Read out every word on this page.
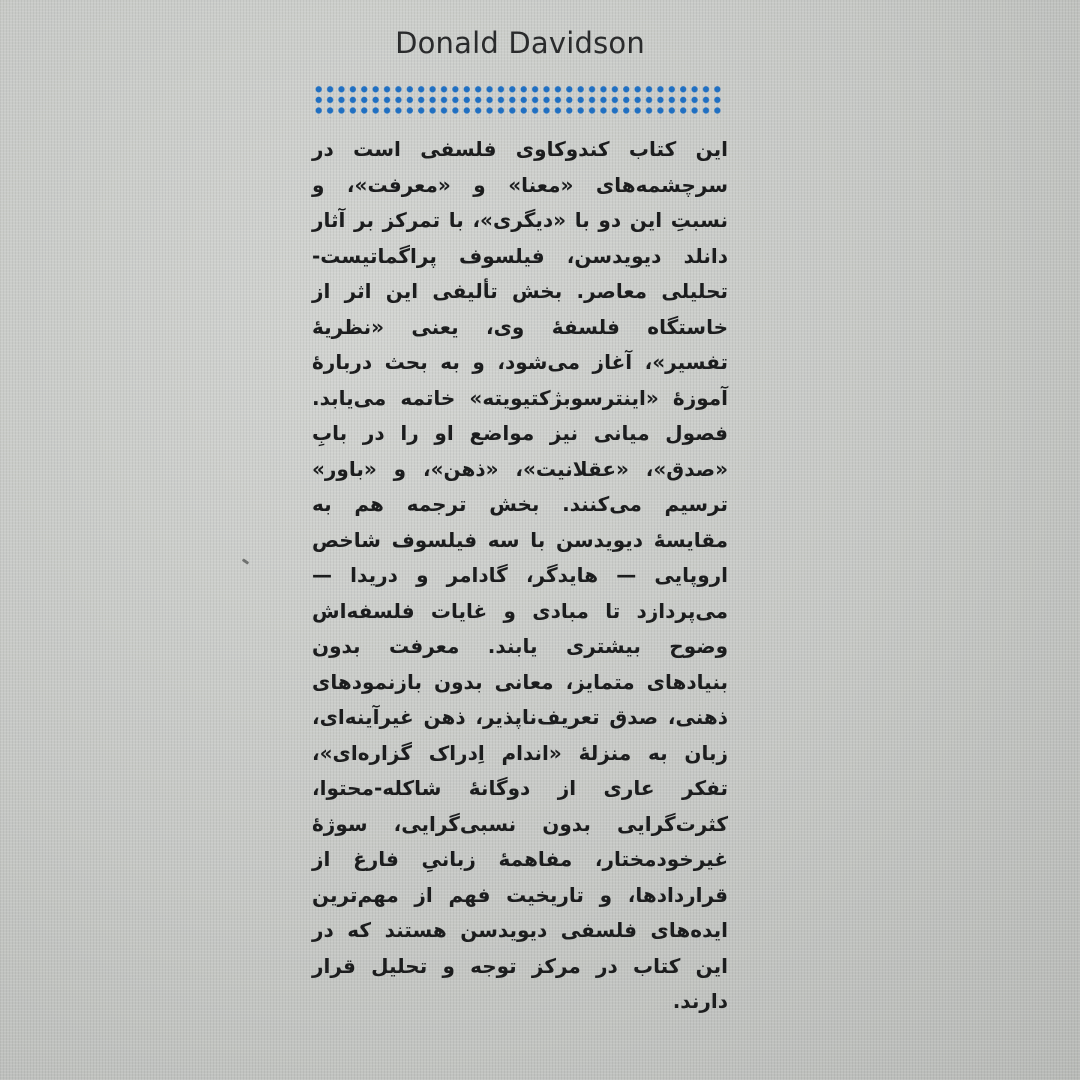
Donald Davidson

این کتاب کندوکاوی فلسفی است در سرچشمه‌های «معنا» و «معرفت»، و نسبتِ این دو با «دیگری»، با تمرکز بر آثار دانلد دیویدسن، فیلسوف پراگماتیست-تحلیلی معاصر. بخش تألیفی این اثر از خاستگاه فلسفهٔ وی، یعنی «نظریهٔ تفسیر»، آغاز می‌شود، و به بحث دربارهٔ آموزهٔ «اینترسوبژکتیویته» خاتمه می‌یابد. فصول میانی نیز مواضع او را در بابِ «صدق»، «عقلانیت»، «ذهن»، و «باور» ترسیم می‌کنند. بخش ترجمه هم به مقایسهٔ دیویدسن با سه فیلسوف شاخص اروپایی — هایدگر، گادامر و دریدا — می‌پردازد تا مبادی و غایات فلسفه‌اش وضوح بیشتری یابند. معرفت بدون بنیادهای متمایز، معانی بدون بازنمودهای ذهنی، صدق تعریف‌ناپذیر، ذهن غیرآینه‌ای، زبان به منزلهٔ «اندام اِدراک گزاره‌ای»، تفکر عاری از دوگانهٔ شاکله-محتوا، کثرت‌گرایی بدون نسبی‌گرایی، سوژهٔ غیرخودمختار، مفاهمهٔ زبانیِ فارغ از قراردادها، و تاریخیت فهم از مهم‌ترین ایده‌های فلسفی دیویدسن هستند که در این کتاب در مرکز توجه و تحلیل قرار دارند.
